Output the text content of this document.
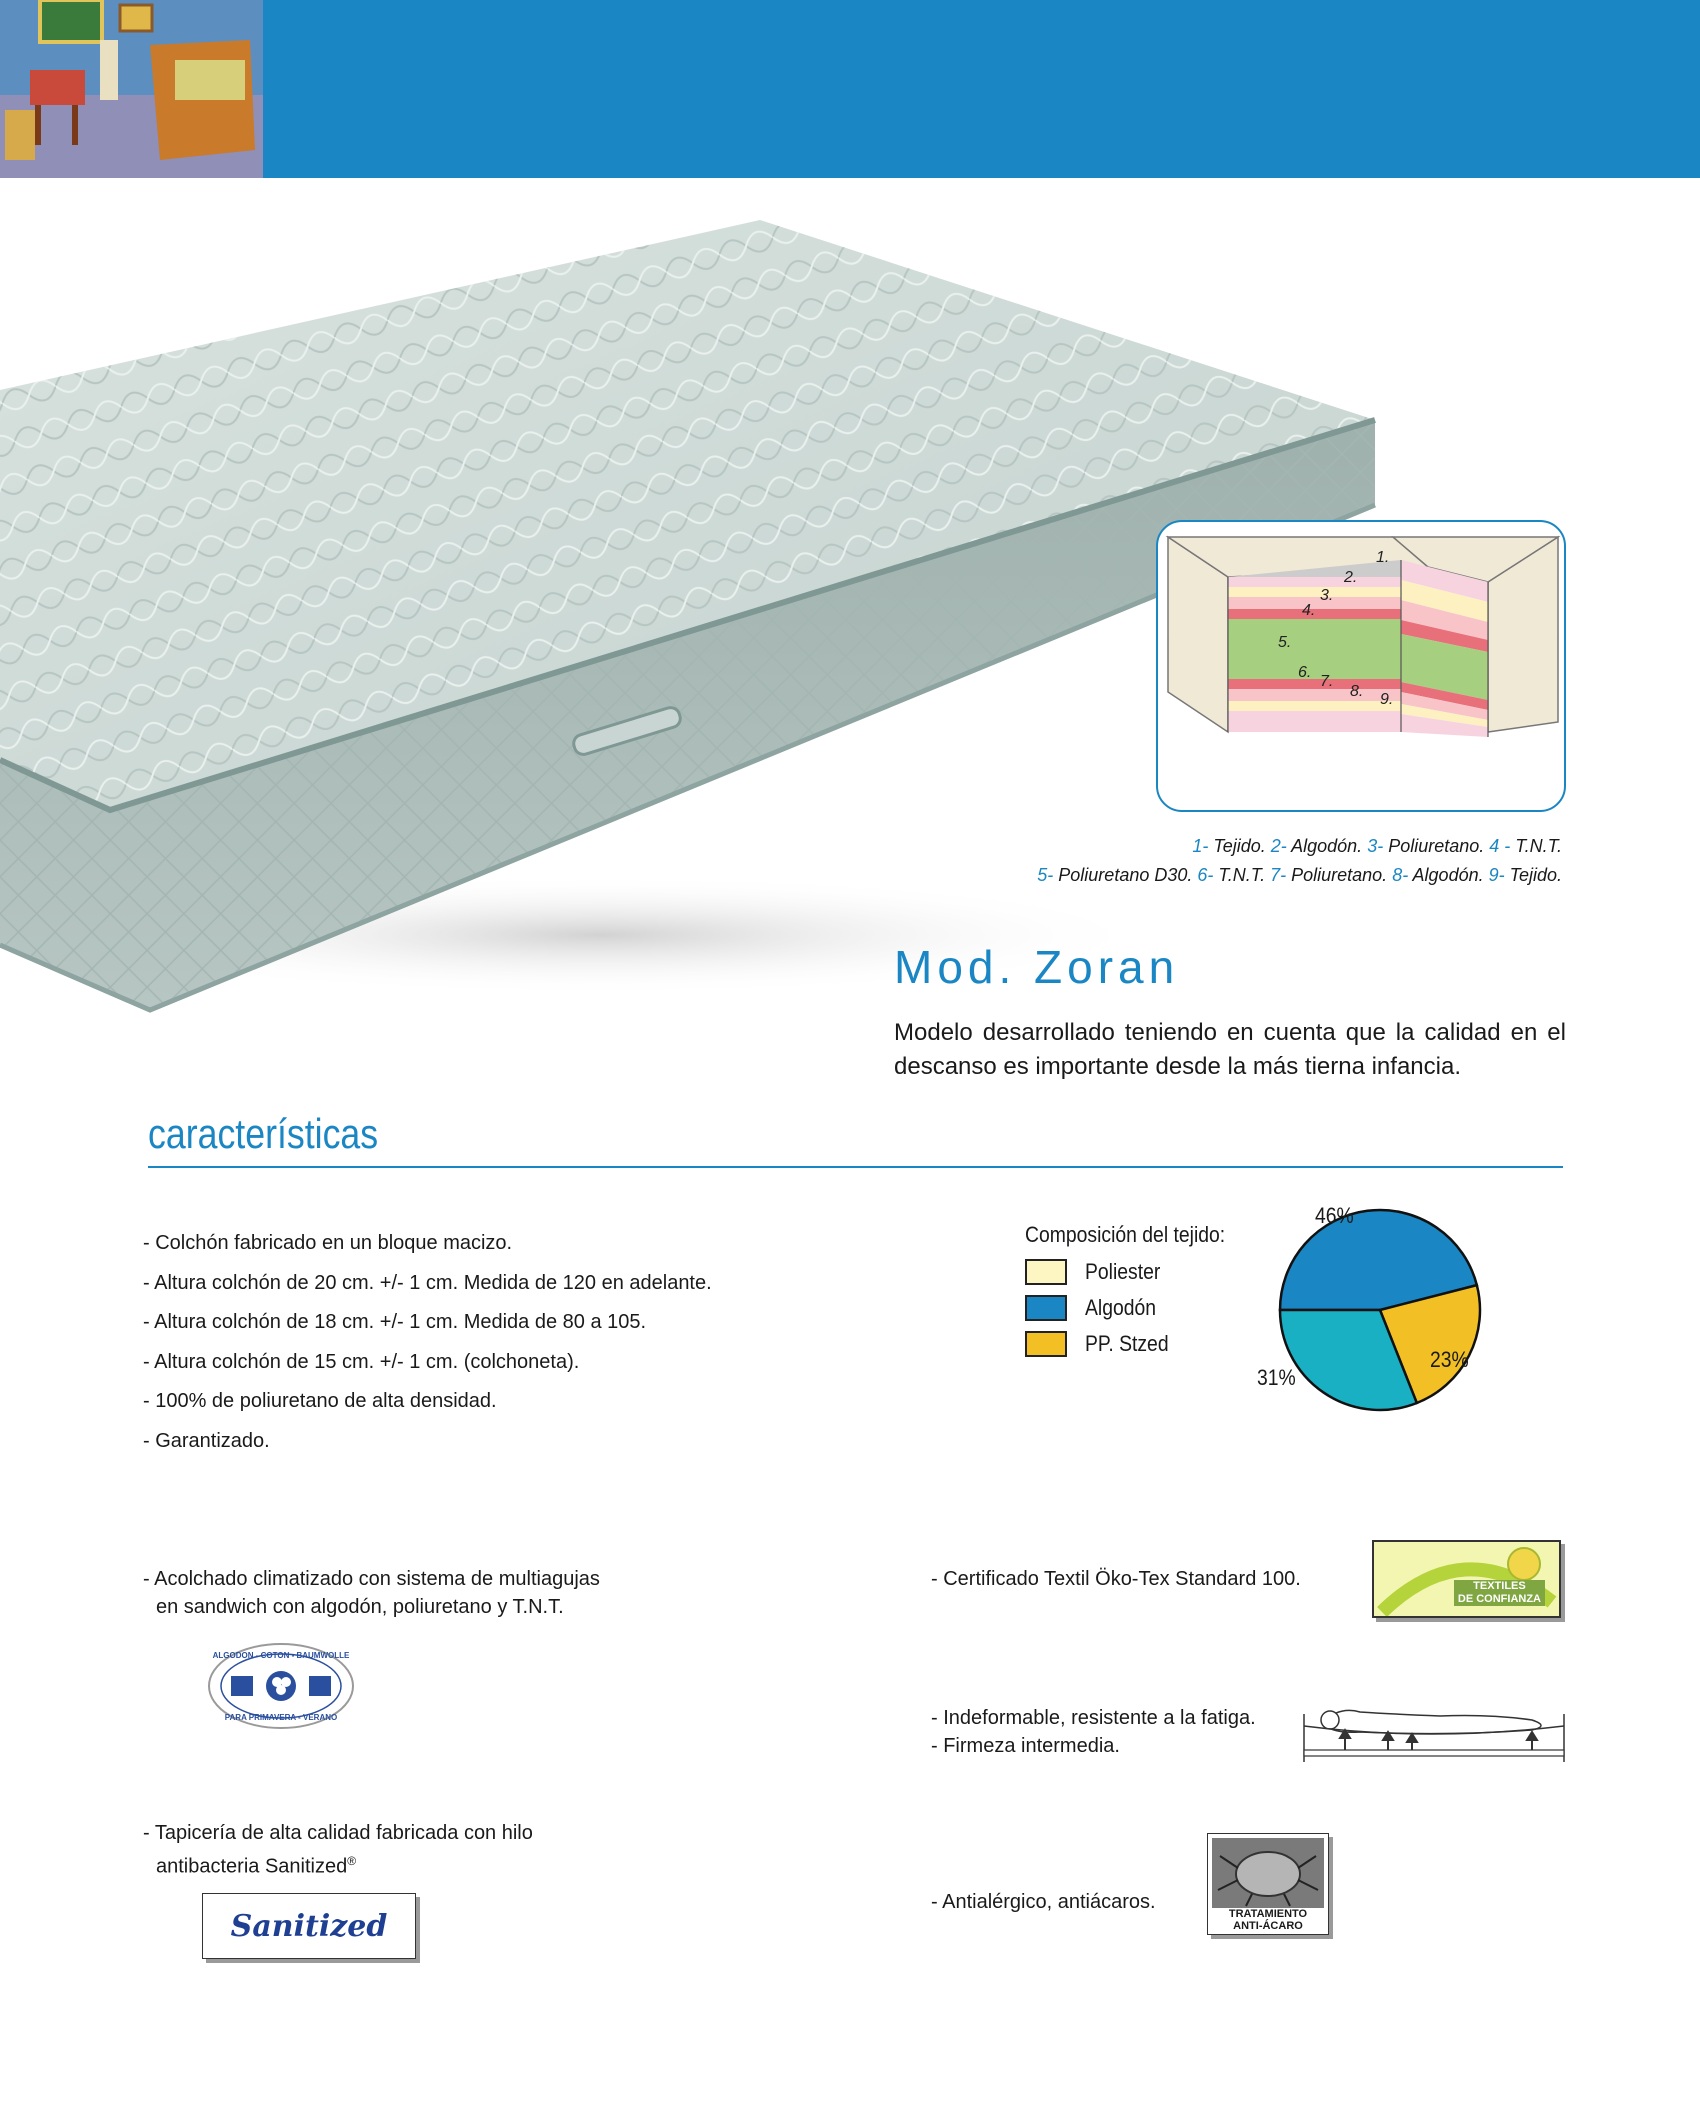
1.
2.
3.
4.
5.
6.
7.
8. 9.
1- Tejido. 2- Algodón. 3- Poliuretano. 4 - T.N.T.
5- Poliuretano D30. 6- T.N.T. 7- Poliuretano. 8- Algodón. 9- Tejido.
Mod. Zoran
Modelo desarrollado teniendo en cuenta que la calidad en el descanso es importante desde la más tierna infancia.
características
- Colchón fabricado en un bloque macizo.
- Altura colchón de 20 cm. +/- 1 cm. Medida de 120 en adelante.
- Altura colchón de 18 cm. +/- 1 cm. Medida de 80 a 105.
- Altura colchón de 15 cm. +/- 1 cm. (colchoneta).
- 100% de poliuretano de alta densidad.
- Garantizado.
Composición del tejido:
Poliester
Algodón
PP. Stzed
46%
23%
31%
- Acolchado climatizado con sistema de multiagujas
en sandwich con algodón, poliuretano y T.N.T.
ALGODON - COTON - BAUMWOLLE
PARA PRIMAVERA - VERANO
- Tapicería de alta calidad fabricada con hilo
antibacteria Sanitized®
Sanitized
- Certificado Textil Öko-Tex Standard 100.	TEXTILES
DE CONFIANZA
- Indeformable, resistente a la fatiga.
- Firmeza intermedia.
- Antialérgico, antiácaros.
TRATAMIENTO
ANTI-ÁCARO
